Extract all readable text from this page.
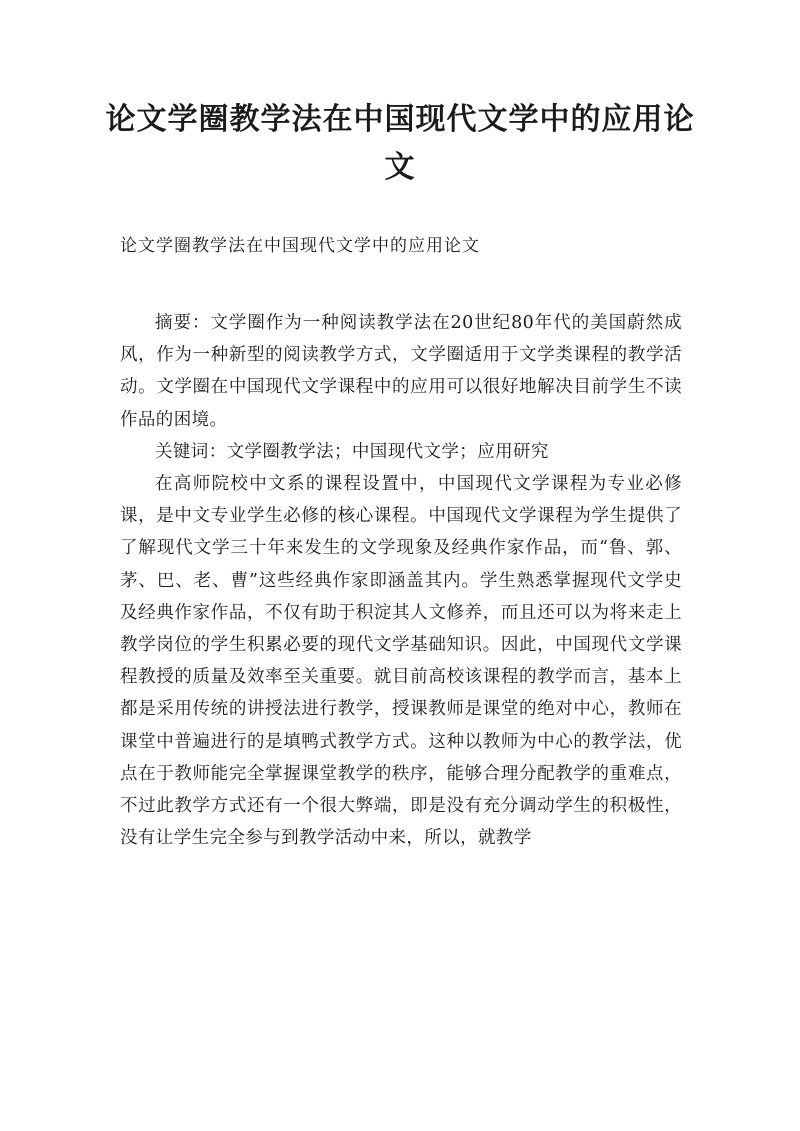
论文学圈教学法在中国现代文学中的应用论文

论文学圈教学法在中国现代文学中的应用论文

摘要：文学圈作为一种阅读教学法在20世纪80年代的美国蔚然成风，作为一种新型的阅读教学方式，文学圈适用于文学类课程的教学活动。文学圈在中国现代文学课程中的应用可以很好地解决目前学生不读作品的困境。

关键词：文学圈教学法；中国现代文学；应用研究

在高师院校中文系的课程设置中，中国现代文学课程为专业必修课，是中文专业学生必修的核心课程。中国现代文学课程为学生提供了了解现代文学三十年来发生的文学现象及经典作家作品，而“鲁、郭、茅、巴、老、曹”这些经典作家即涵盖其内。学生熟悉掌握现代文学史及经典作家作品，不仅有助于积淀其人文修养，而且还可以为将来走上教学岗位的学生积累必要的现代文学基础知识。因此，中国现代文学课程教授的质量及效率至关重要。就目前高校该课程的教学而言，基本上都是采用传统的讲授法进行教学，授课教师是课堂的绝对中心，教师在课堂中普遍进行的是填鸭式教学方式。这种以教师为中心的教学法，优点在于教师能完全掌握课堂教学的秩序，能够合理分配教学的重难点，不过此教学方式还有一个很大弊端，即是没有充分调动学生的积极性，没有让学生完全参与到教学活动中来，所以，就教学
